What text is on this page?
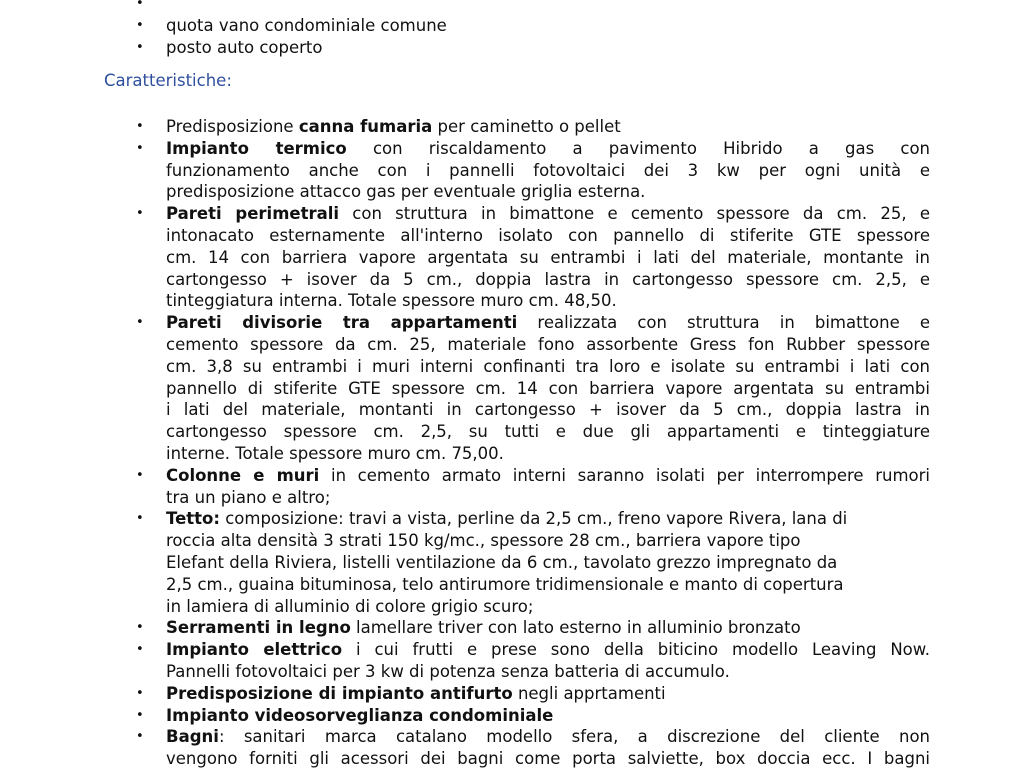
•

• quota vano condominiale comune
• posto auto coperto
Caratteristiche:
• Predisposizione canna fumaria per caminetto o pellet
• Impianto termico con riscaldamento a pavimento Hibrido a gas con
funzionamento anche con i pannelli fotovoltaici dei 3 kw per ogni unità e
predisposizione attacco gas per eventuale griglia esterna.
• Pareti perimetrali con struttura in bimattone e cemento spessore da cm. 25, e
intonacato esternamente all'interno isolato con pannello di stiferite GTE spessore
cm. 14 con barriera vapore argentata su entrambi i lati del materiale, montante in
cartongesso + isover da 5 cm., doppia lastra in cartongesso spessore cm. 2,5, e
tinteggiatura interna. Totale spessore muro cm. 48,50.
• Pareti divisorie tra appartamenti realizzata con struttura in bimattone e
cemento spessore da cm. 25, materiale fono assorbente Gress fon Rubber spessore
cm. 3,8 su entrambi i muri interni confinanti tra loro e isolate su entrambi i lati con
pannello di stiferite GTE spessore cm. 14 con barriera vapore argentata su entrambi
i lati del materiale, montanti in cartongesso + isover da 5 cm., doppia lastra in
cartongesso spessore cm. 2,5, su tutti e due gli appartamenti e tinteggiature
interne. Totale spessore muro cm. 75,00.
• Colonne e muri in cemento armato interni saranno isolati per interrompere rumori
tra un piano e altro;
• Tetto: composizione: travi a vista, perline da 2,5 cm., freno vapore Rivera, lana di
roccia alta densità 3 strati 150 kg/mc., spessore 28 cm., barriera vapore tipo
Elefant della Riviera, listelli ventilazione da 6 cm., tavolato grezzo impregnato da
2,5 cm., guaina bituminosa, telo antirumore tridimensionale e manto di copertura
in lamiera di alluminio di colore grigio scuro;
• Serramenti in legno lamellare triver con lato esterno in alluminio bronzato
• Impianto elettrico i cui frutti e prese sono della biticino modello Leaving Now.
Pannelli fotovoltaici per 3 kw di potenza senza batteria di accumulo.
• Predisposizione di impianto antifurto negli apprtamenti
• Impianto videosorveglianza condominiale
• Bagni: sanitari marca catalano modello sfera, a discrezione del cliente non
vengono forniti gli acessori dei bagni come porta salviette, box doccia ecc. I bagni
